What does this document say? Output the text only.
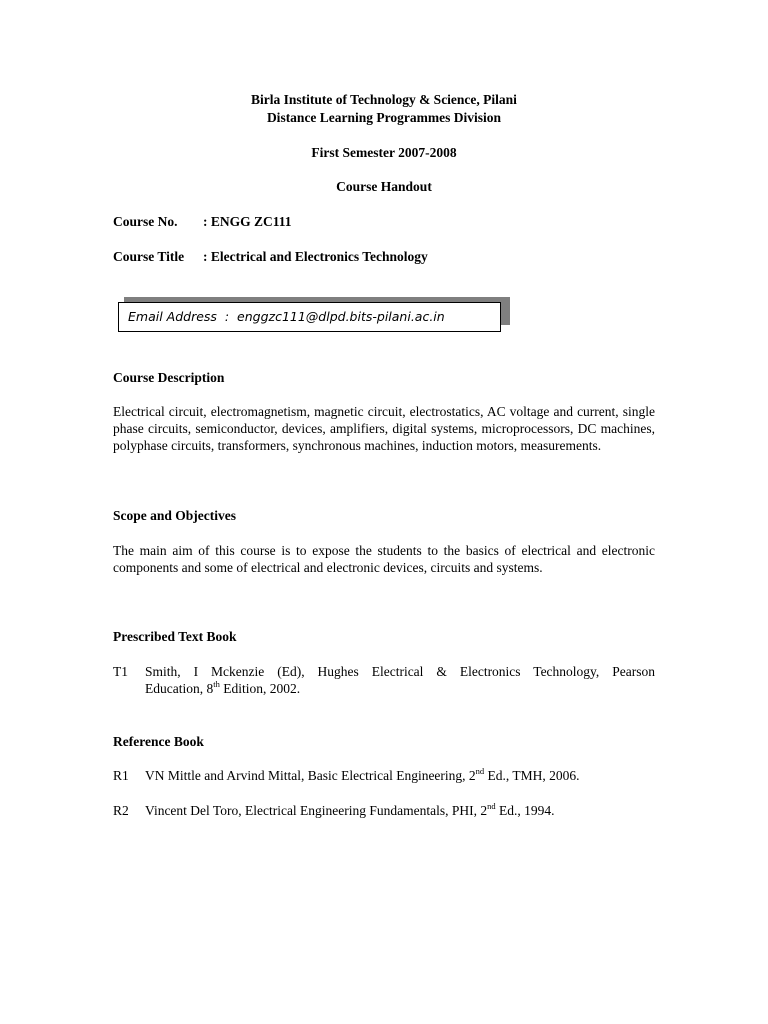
Birla Institute of Technology & Science, Pilani
Distance Learning Programmes Division
First Semester 2007-2008
Course Handout
Course No. : ENGG ZC111
Course Title : Electrical and Electronics Technology
Email Address  :  enggzc111@dlpd.bits-pilani.ac.in
Course Description
Electrical circuit, electromagnetism, magnetic circuit, electrostatics, AC voltage and current, single phase circuits, semiconductor, devices, amplifiers, digital systems, microprocessors, DC machines, polyphase circuits, transformers, synchronous machines, induction motors, measurements.
Scope and Objectives
The main aim of this course is to expose the students to the basics of electrical and electronic components and some of electrical and electronic devices, circuits and systems.
Prescribed Text Book
T1 Smith, I Mckenzie (Ed), Hughes Electrical & Electronics Technology, Pearson
Education, 8th Edition, 2002.
Reference Book
R1 VN Mittle and Arvind Mittal, Basic Electrical Engineering, 2nd Ed., TMH, 2006.
R2 Vincent Del Toro, Electrical Engineering Fundamentals, PHI, 2nd Ed., 1994.
